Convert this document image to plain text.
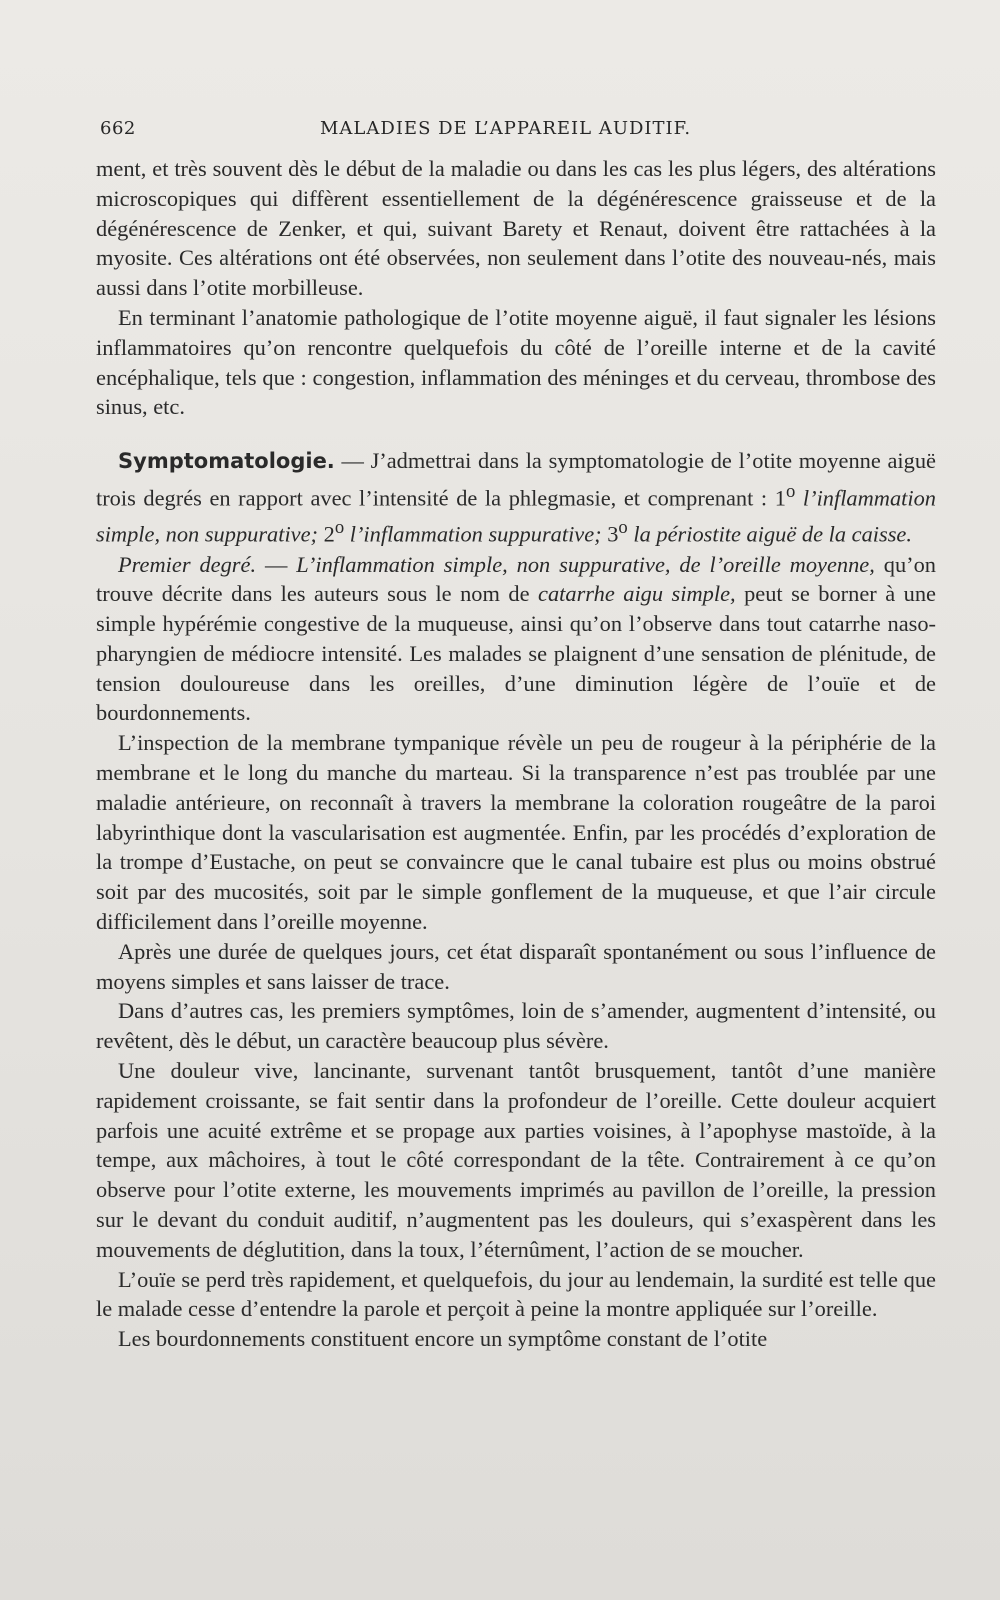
662	MALADIES DE L’APPAREIL AUDITIF.

ment, et très souvent dès le début de la maladie ou dans les cas les plus légers, des altérations microscopiques qui diffèrent essentiellement de la dégénérescence graisseuse et de la dégénérescence de Zenker, et qui, suivant Barety et Renaut, doivent être rattachées à la myosite. Ces altérations ont été observées, non seulement dans l’otite des nouveau-nés, mais aussi dans l’otite morbilleuse.

En terminant l’anatomie pathologique de l’otite moyenne aiguë, il faut signaler les lésions inflammatoires qu’on rencontre quelquefois du côté de l’oreille interne et de la cavité encéphalique, tels que : congestion, inflammation des méninges et du cerveau, thrombose des sinus, etc.

Symptomatologie. — J’admettrai dans la symptomatologie de l’otite moyenne aiguë trois degrés en rapport avec l’intensité de la phlegmasie, et comprenant : 1$^o$ l’inflammation simple, non suppurative; 2$^o$ l’inflammation suppurative; 3$^o$ la périostite aiguë de la caisse.

Premier degré. — L’inflammation simple, non suppurative, de l’oreille moyenne, qu’on trouve décrite dans les auteurs sous le nom de catarrhe aigu simple, peut se borner à une simple hypérémie congestive de la muqueuse, ainsi qu’on l’observe dans tout catarrhe naso-pharyngien de médiocre intensité. Les malades se plaignent d’une sensation de plénitude, de tension douloureuse dans les oreilles, d’une diminution légère de l’ouïe et de bourdonnements.

L’inspection de la membrane tympanique révèle un peu de rougeur à la périphérie de la membrane et le long du manche du marteau. Si la transparence n’est pas troublée par une maladie antérieure, on reconnaît à travers la membrane la coloration rougeâtre de la paroi labyrinthique dont la vascularisation est augmentée. Enfin, par les procédés d’exploration de la trompe d’Eustache, on peut se convaincre que le canal tubaire est plus ou moins obstrué soit par des mucosités, soit par le simple gonflement de la muqueuse, et que l’air circule difficilement dans l’oreille moyenne.

Après une durée de quelques jours, cet état disparaît spontanément ou sous l’influence de moyens simples et sans laisser de trace.

Dans d’autres cas, les premiers symptômes, loin de s’amender, augmentent d’intensité, ou revêtent, dès le début, un caractère beaucoup plus sévère.

Une douleur vive, lancinante, survenant tantôt brusquement, tantôt d’une manière rapidement croissante, se fait sentir dans la profondeur de l’oreille. Cette douleur acquiert parfois une acuité extrême et se propage aux parties voisines, à l’apophyse mastoïde, à la tempe, aux mâchoires, à tout le côté correspondant de la tête. Contrairement à ce qu’on observe pour l’otite externe, les mouvements imprimés au pavillon de l’oreille, la pression sur le devant du conduit auditif, n’augmentent pas les douleurs, qui s’exaspèrent dans les mouvements de déglutition, dans la toux, l’éternûment, l’action de se moucher.

L’ouïe se perd très rapidement, et quelquefois, du jour au lendemain, la surdité est telle que le malade cesse d’entendre la parole et perçoit à peine la montre appliquée sur l’oreille.

Les bourdonnements constituent encore un symptôme constant de l’otite
